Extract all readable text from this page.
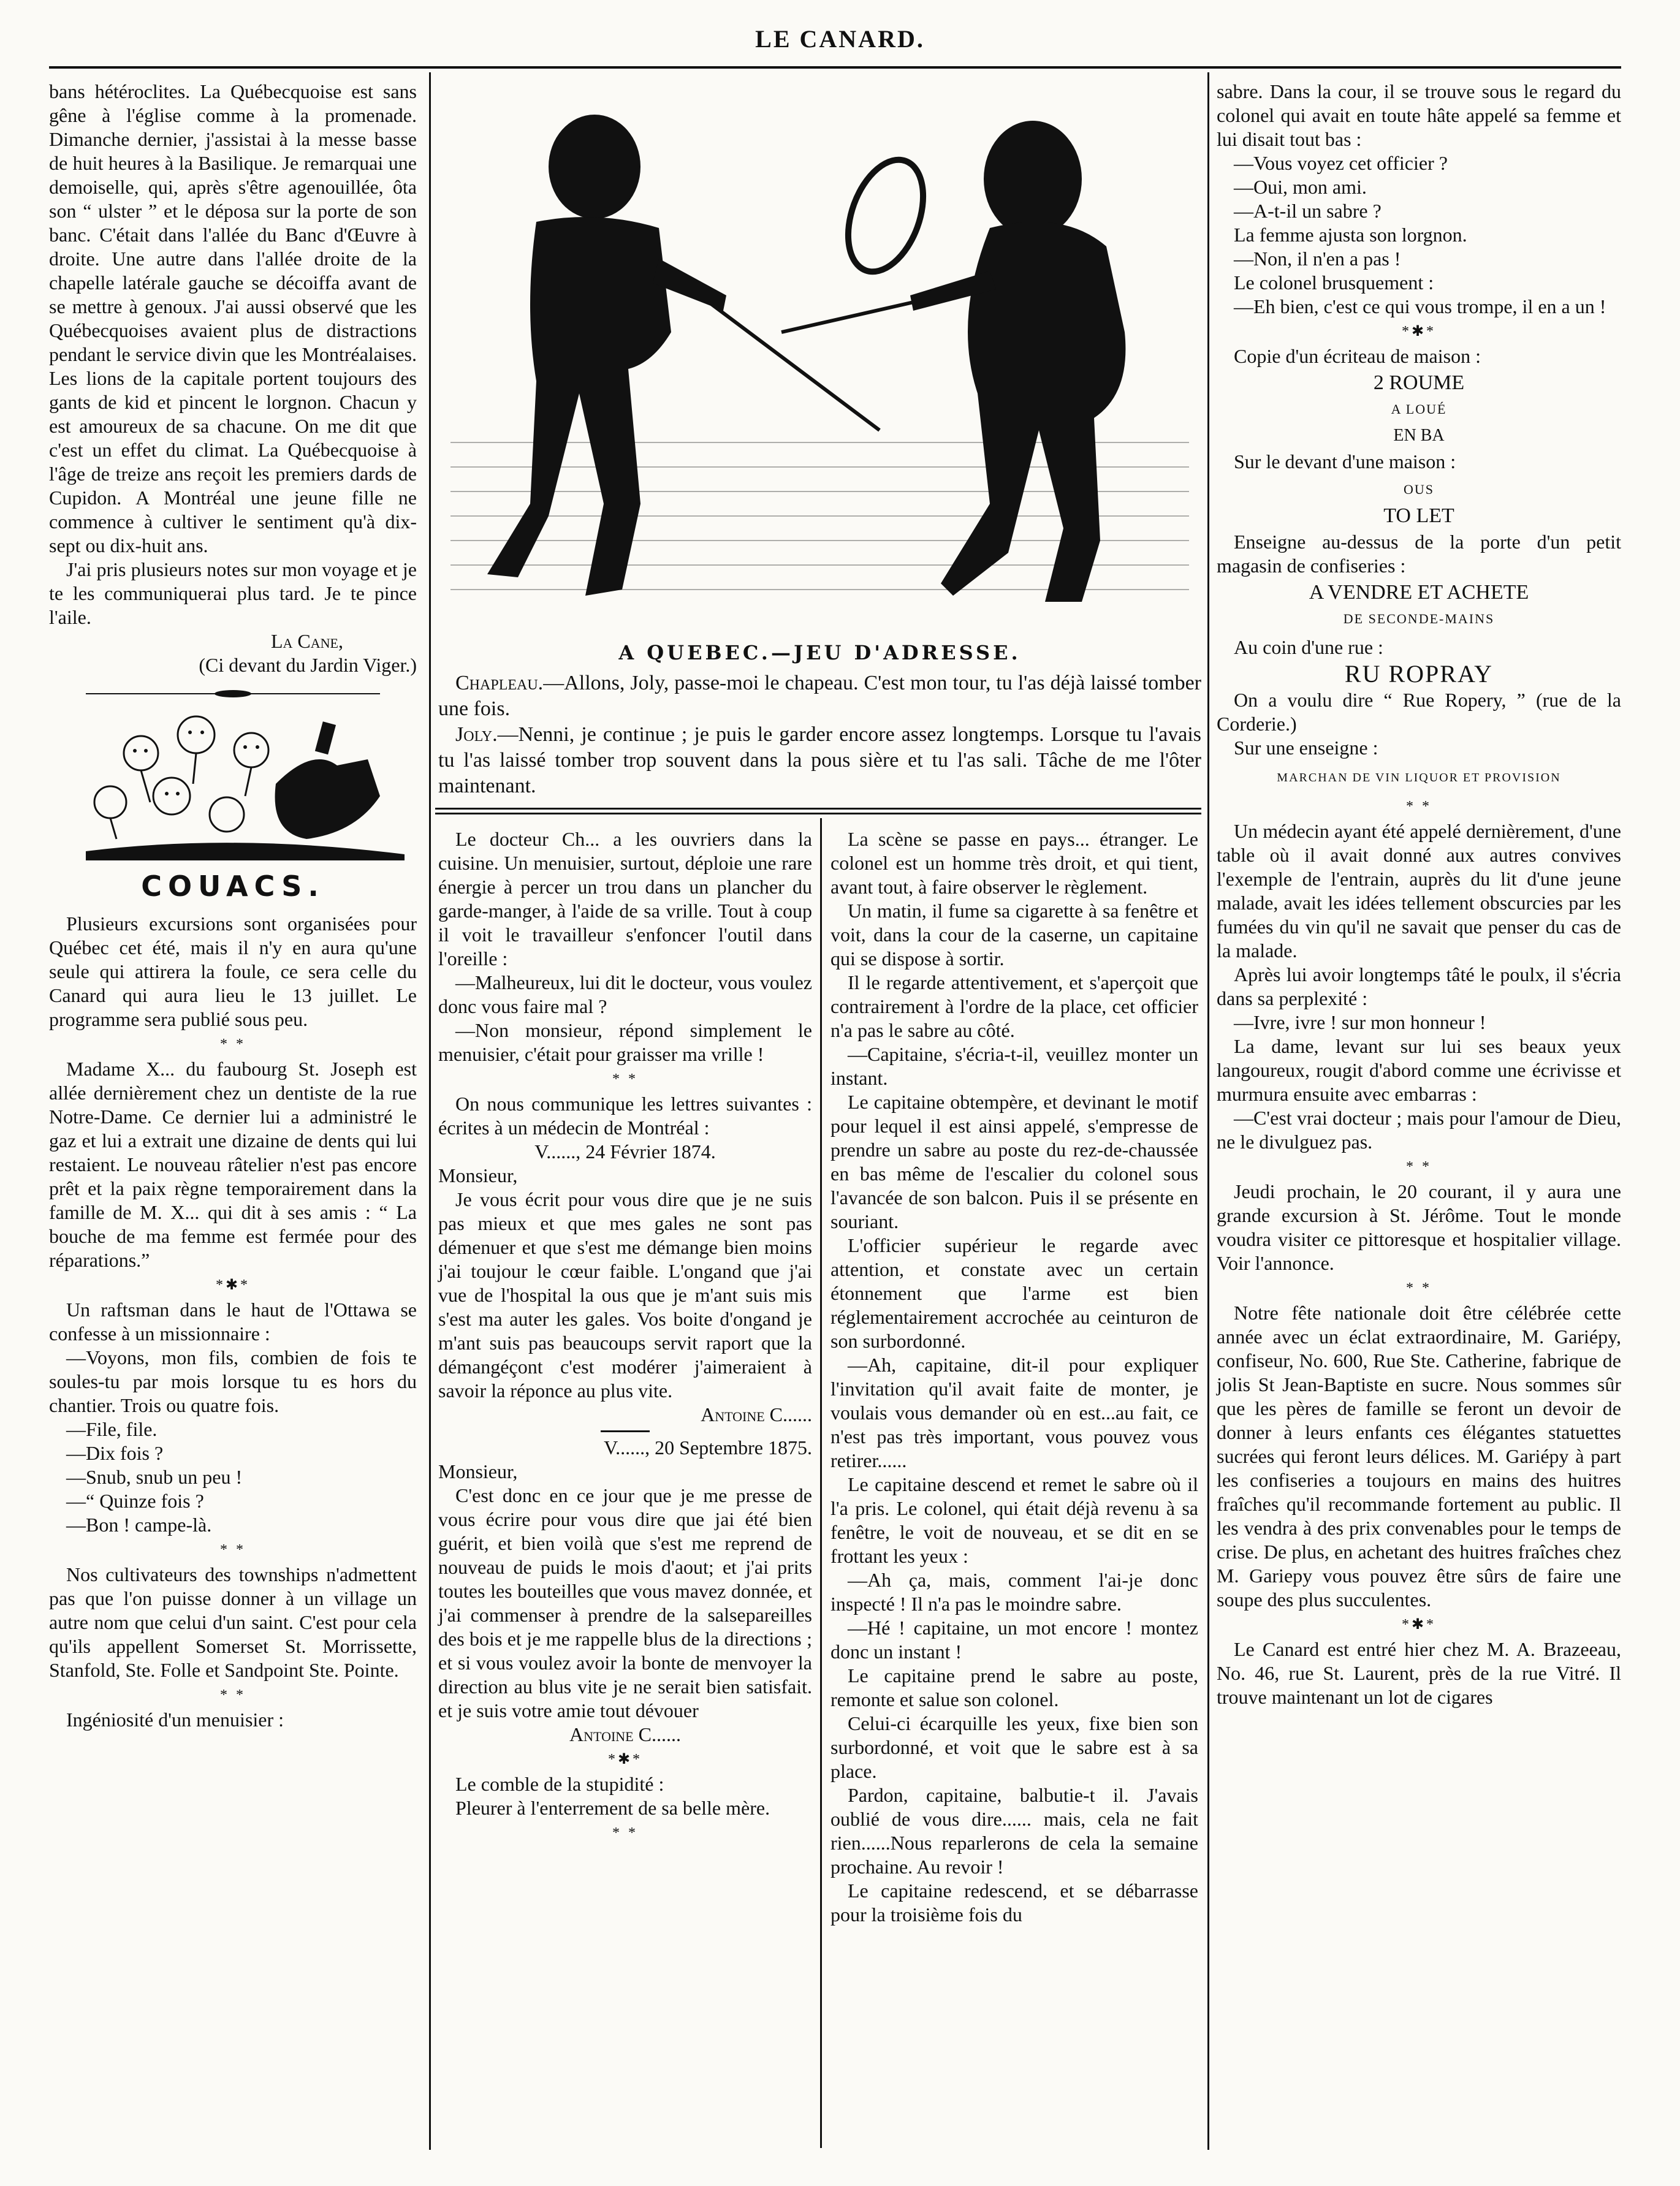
LE CANARD.

bans hétéroclites. La Québecquoise est sans gêne à l'église comme à la promenade. Dimanche dernier, j'assistai à la messe basse de huit heures à la Basilique. Je remarquai une demoiselle, qui, après s'être agenouillée, ôta son “ ulster ” et le déposa sur la porte de son banc. C'était dans l'allée du Banc d'Œuvre à droite. Une autre dans l'allée droite de la chapelle latérale gauche se décoiffa avant de se mettre à genoux. J'ai aussi observé que les Québecquoises avaient plus de distractions pendant le service divin que les Montréalaises. Les lions de la capitale portent toujours des gants de kid et pincent le lorgnon. Chacun y est amoureux de sa chacune. On me dit que c'est un effet du climat. La Québecquoise à l'âge de treize ans reçoit les premiers dards de Cupidon. A Montréal une jeune fille ne commence à cultiver le sentiment qu'à dix-sept ou dix-huit ans.

J'ai pris plusieurs notes sur mon voyage et je te les communiquerai plus tard. Je te pince l'aile.

La Cane,

(Ci devant du Jardin Viger.)

COUACS.

Plusieurs excursions sont organisées pour Québec cet été, mais il n'y en aura qu'une seule qui attirera la foule, ce sera celle du Canard qui aura lieu le 13 juillet. Le programme sera publié sous peu.

* *

Madame X... du faubourg St. Joseph est allée dernièrement chez un dentiste de la rue Notre-Dame. Ce dernier lui a administré le gaz et lui a extrait une dizaine de dents qui lui restaient. Le nouveau râtelier n'est pas encore prêt et la paix règne temporairement dans la famille de M. X... qui dit à ses amis : “ La bouche de ma femme est fermée pour des réparations.”

*✱*

Un raftsman dans le haut de l'Ottawa se confesse à un missionnaire :

—Voyons, mon fils, combien de fois te soules-tu par mois lorsque tu es hors du chantier. Trois ou quatre fois.

—File, file.

—Dix fois ?

—Snub, snub un peu !

—“ Quinze fois ?

—Bon ! campe-là.

* *

Nos cultivateurs des townships n'admettent pas que l'on puisse donner à un village un autre nom que celui d'un saint. C'est pour cela qu'ils appellent Somerset St. Morrissette, Stanfold, Ste. Folle et Sandpoint Ste. Pointe.

* *

Ingéniosité d'un menuisier :

A QUEBEC.—JEU D'ADRESSE.

Chapleau.—Allons, Joly, passe-moi le chapeau. C'est mon tour, tu l'as déjà laissé tomber une fois.

Joly.—Nenni, je continue ; je puis le garder encore assez longtemps. Lorsque tu l'avais tu l'as laissé tomber trop souvent dans la pous sière et tu l'as sali. Tâche de me l'ôter maintenant.

Le docteur Ch... a les ouvriers dans la cuisine. Un menuisier, surtout, déploie une rare énergie à percer un trou dans un plancher du garde-manger, à l'aide de sa vrille. Tout à coup il voit le travailleur s'enfoncer l'outil dans l'oreille :

—Malheureux, lui dit le docteur, vous voulez donc vous faire mal ?

—Non monsieur, répond simplement le menuisier, c'était pour graisser ma vrille !

* *

On nous communique les lettres suivantes : écrites à un médecin de Montréal :

V......, 24 Février 1874.

Monsieur,

Je vous écrit pour vous dire que je ne suis pas mieux et que mes gales ne sont pas démenuer et que s'est me démange bien moins j'ai toujour le cœur faible. L'ongand que j'ai vue de l'hospital la ous que je m'ant suis mis s'est ma auter les gales. Vos boite d'ongand je m'ant suis pas beaucoups servit raport que la démangéçont c'est modérer j'aimeraient à savoir la réponce au plus vite.

Antoine C......

V......, 20 Septembre 1875.

Monsieur,

C'est donc en ce jour que je me presse de vous écrire pour vous dire que jai été bien guérit, et bien voilà que s'est me reprend de nouveau de puids le mois d'aout; et j'ai prits toutes les bouteilles que vous mavez donnée, et j'ai commenser à prendre de la salsepareilles des bois et je me rappelle blus de la directions ; et si vous voulez avoir la bonte de menvoyer la direction au blus vite je ne serait bien satisfait. et je suis votre amie tout dévouer

Antoine C......

*✱*

Le comble de la stupidité :

Pleurer à l'enterrement de sa belle mère.

* *

La scène se passe en pays... étranger. Le colonel est un homme très droit, et qui tient, avant tout, à faire observer le règlement.

Un matin, il fume sa cigarette à sa fenêtre et voit, dans la cour de la caserne, un capitaine qui se dispose à sortir.

Il le regarde attentivement, et s'aperçoit que contrairement à l'ordre de la place, cet officier n'a pas le sabre au côté.

—Capitaine, s'écria-t-il, veuillez monter un instant.

Le capitaine obtempère, et devinant le motif pour lequel il est ainsi appelé, s'empresse de prendre un sabre au poste du rez-de-chaussée en bas même de l'escalier du colonel sous l'avancée de son balcon. Puis il se présente en souriant.

L'officier supérieur le regarde avec attention, et constate avec un certain étonnement que l'arme est bien réglementairement accrochée au ceinturon de son surbordonné.

—Ah, capitaine, dit-il pour expliquer l'invitation qu'il avait faite de monter, je voulais vous demander où en est...au fait, ce n'est pas très important, vous pouvez vous retirer......

Le capitaine descend et remet le sabre où il l'a pris. Le colonel, qui était déjà revenu à sa fenêtre, le voit de nouveau, et se dit en se frottant les yeux :

—Ah ça, mais, comment l'ai-je donc inspecté ! Il n'a pas le moindre sabre.

—Hé ! capitaine, un mot encore ! montez donc un instant !

Le capitaine prend le sabre au poste, remonte et salue son colonel.

Celui-ci écarquille les yeux, fixe bien son surbordonné, et voit que le sabre est à sa place.

Pardon, capitaine, balbutie-t il. J'avais oublié de vous dire...... mais, cela ne fait rien......Nous reparlerons de cela la semaine prochaine. Au revoir !

Le capitaine redescend, et se débarrasse pour la troisième fois du

sabre. Dans la cour, il se trouve sous le regard du colonel qui avait en toute hâte appelé sa femme et lui disait tout bas :

—Vous voyez cet officier ?

—Oui, mon ami.

—A-t-il un sabre ?

La femme ajusta son lorgnon.

—Non, il n'en a pas !

Le colonel brusquement :

—Eh bien, c'est ce qui vous trompe, il en a un !

*✱*

Copie d'un écriteau de maison :

2 ROUME
A LOUÉ
EN BA

Sur le devant d'une maison :

OUS
TO LET

Enseigne au-dessus de la porte d'un petit magasin de confiseries :

A VENDRE ET ACHETE
DE SECONDE-MAINS

Au coin d'une rue :

RU ROPRAY

On a voulu dire “ Rue Ropery, ” (rue de la Corderie.)

Sur une enseigne :

MARCHAN DE VIN LIQUOR ET PROVISION
* *

Un médecin ayant été appelé dernièrement, d'une table où il avait donné aux autres convives l'exemple de l'entrain, auprès du lit d'une jeune malade, avait les idées tellement obscurcies par les fumées du vin qu'il ne savait que penser du cas de la malade.

Après lui avoir longtemps tâté le poulx, il s'écria dans sa perplexité :

—Ivre, ivre ! sur mon honneur !

La dame, levant sur lui ses beaux yeux langoureux, rougit d'abord comme une écrivisse et murmura ensuite avec embarras :

—C'est vrai docteur ; mais pour l'amour de Dieu, ne le divulguez pas.

* *

Jeudi prochain, le 20 courant, il y aura une grande excursion à St. Jérôme. Tout le monde voudra visiter ce pittoresque et hospitalier village. Voir l'annonce.

* *

Notre fête nationale doit être célébrée cette année avec un éclat extraordinaire, M. Gariépy, confiseur, No. 600, Rue Ste. Catherine, fabrique de jolis St Jean-Baptiste en sucre. Nous sommes sûr que les pères de famille se feront un devoir de donner à leurs enfants ces élégantes statuettes sucrées qui feront leurs délices. M. Gariépy à part les confiseries a toujours en mains des huitres fraîches qu'il recommande fortement au public. Il les vendra à des prix convenables pour le temps de crise. De plus, en achetant des huitres fraîches chez M. Gariepy vous pouvez être sûrs de faire une soupe des plus succulentes.

*✱*

Le Canard est entré hier chez M. A. Brazeeau, No. 46, rue St. Laurent, près de la rue Vitré. Il trouve maintenant un lot de cigares
